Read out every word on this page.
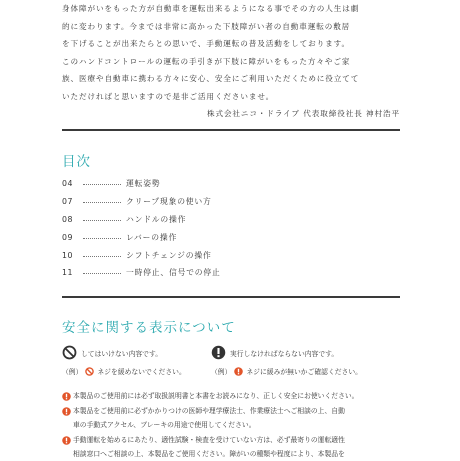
身体障がいをもった方が自動車を運転出来るようになる事でその方の人生は劇

的に変わります。今までは非常に高かった下肢障がい者の自動車運転の敷居

を下げることが出来たらとの思いで、手動運転の普及活動をしております。

このハンドコントロールの運転の手引きが下肢に障がいをもった方々やご家

族、医療や自動車に携わる方々に安心、安全にご利用いただくために役立てて

いただければと思いますので是非ご活用くださいませ。

株式会社ニコ・ドライブ 代表取締役社長 神村浩平

目次
04	運転姿勢
07	クリープ現象の使い方
08	ハンドルの操作
09	レバーの操作
10	シフトチェンジの操作
11	一時停止、信号での停止
安全に関する表示について
してはいけない内容です。	実行しなければならない内容です。
（例） ネジを緩めないでください。	（例） ネジに緩みが無いかご確認ください。
本製品のご使用前には必ず取扱説明書と本書をお読みになり、正しく安全にお使いください。
本製品をご使用前に必ずかかりつけの医師や理学療法士、作業療法士へご相談の上、自動
車の手動式アクセル、ブレーキの用途で使用してください。
手動運転を始めるにあたり、適性試験・検査を受けていない方は、必ず最寄りの運転適性
相談窓口へご相談の上、本製品をご使用ください。障がいの種類や程度により、本製品を
